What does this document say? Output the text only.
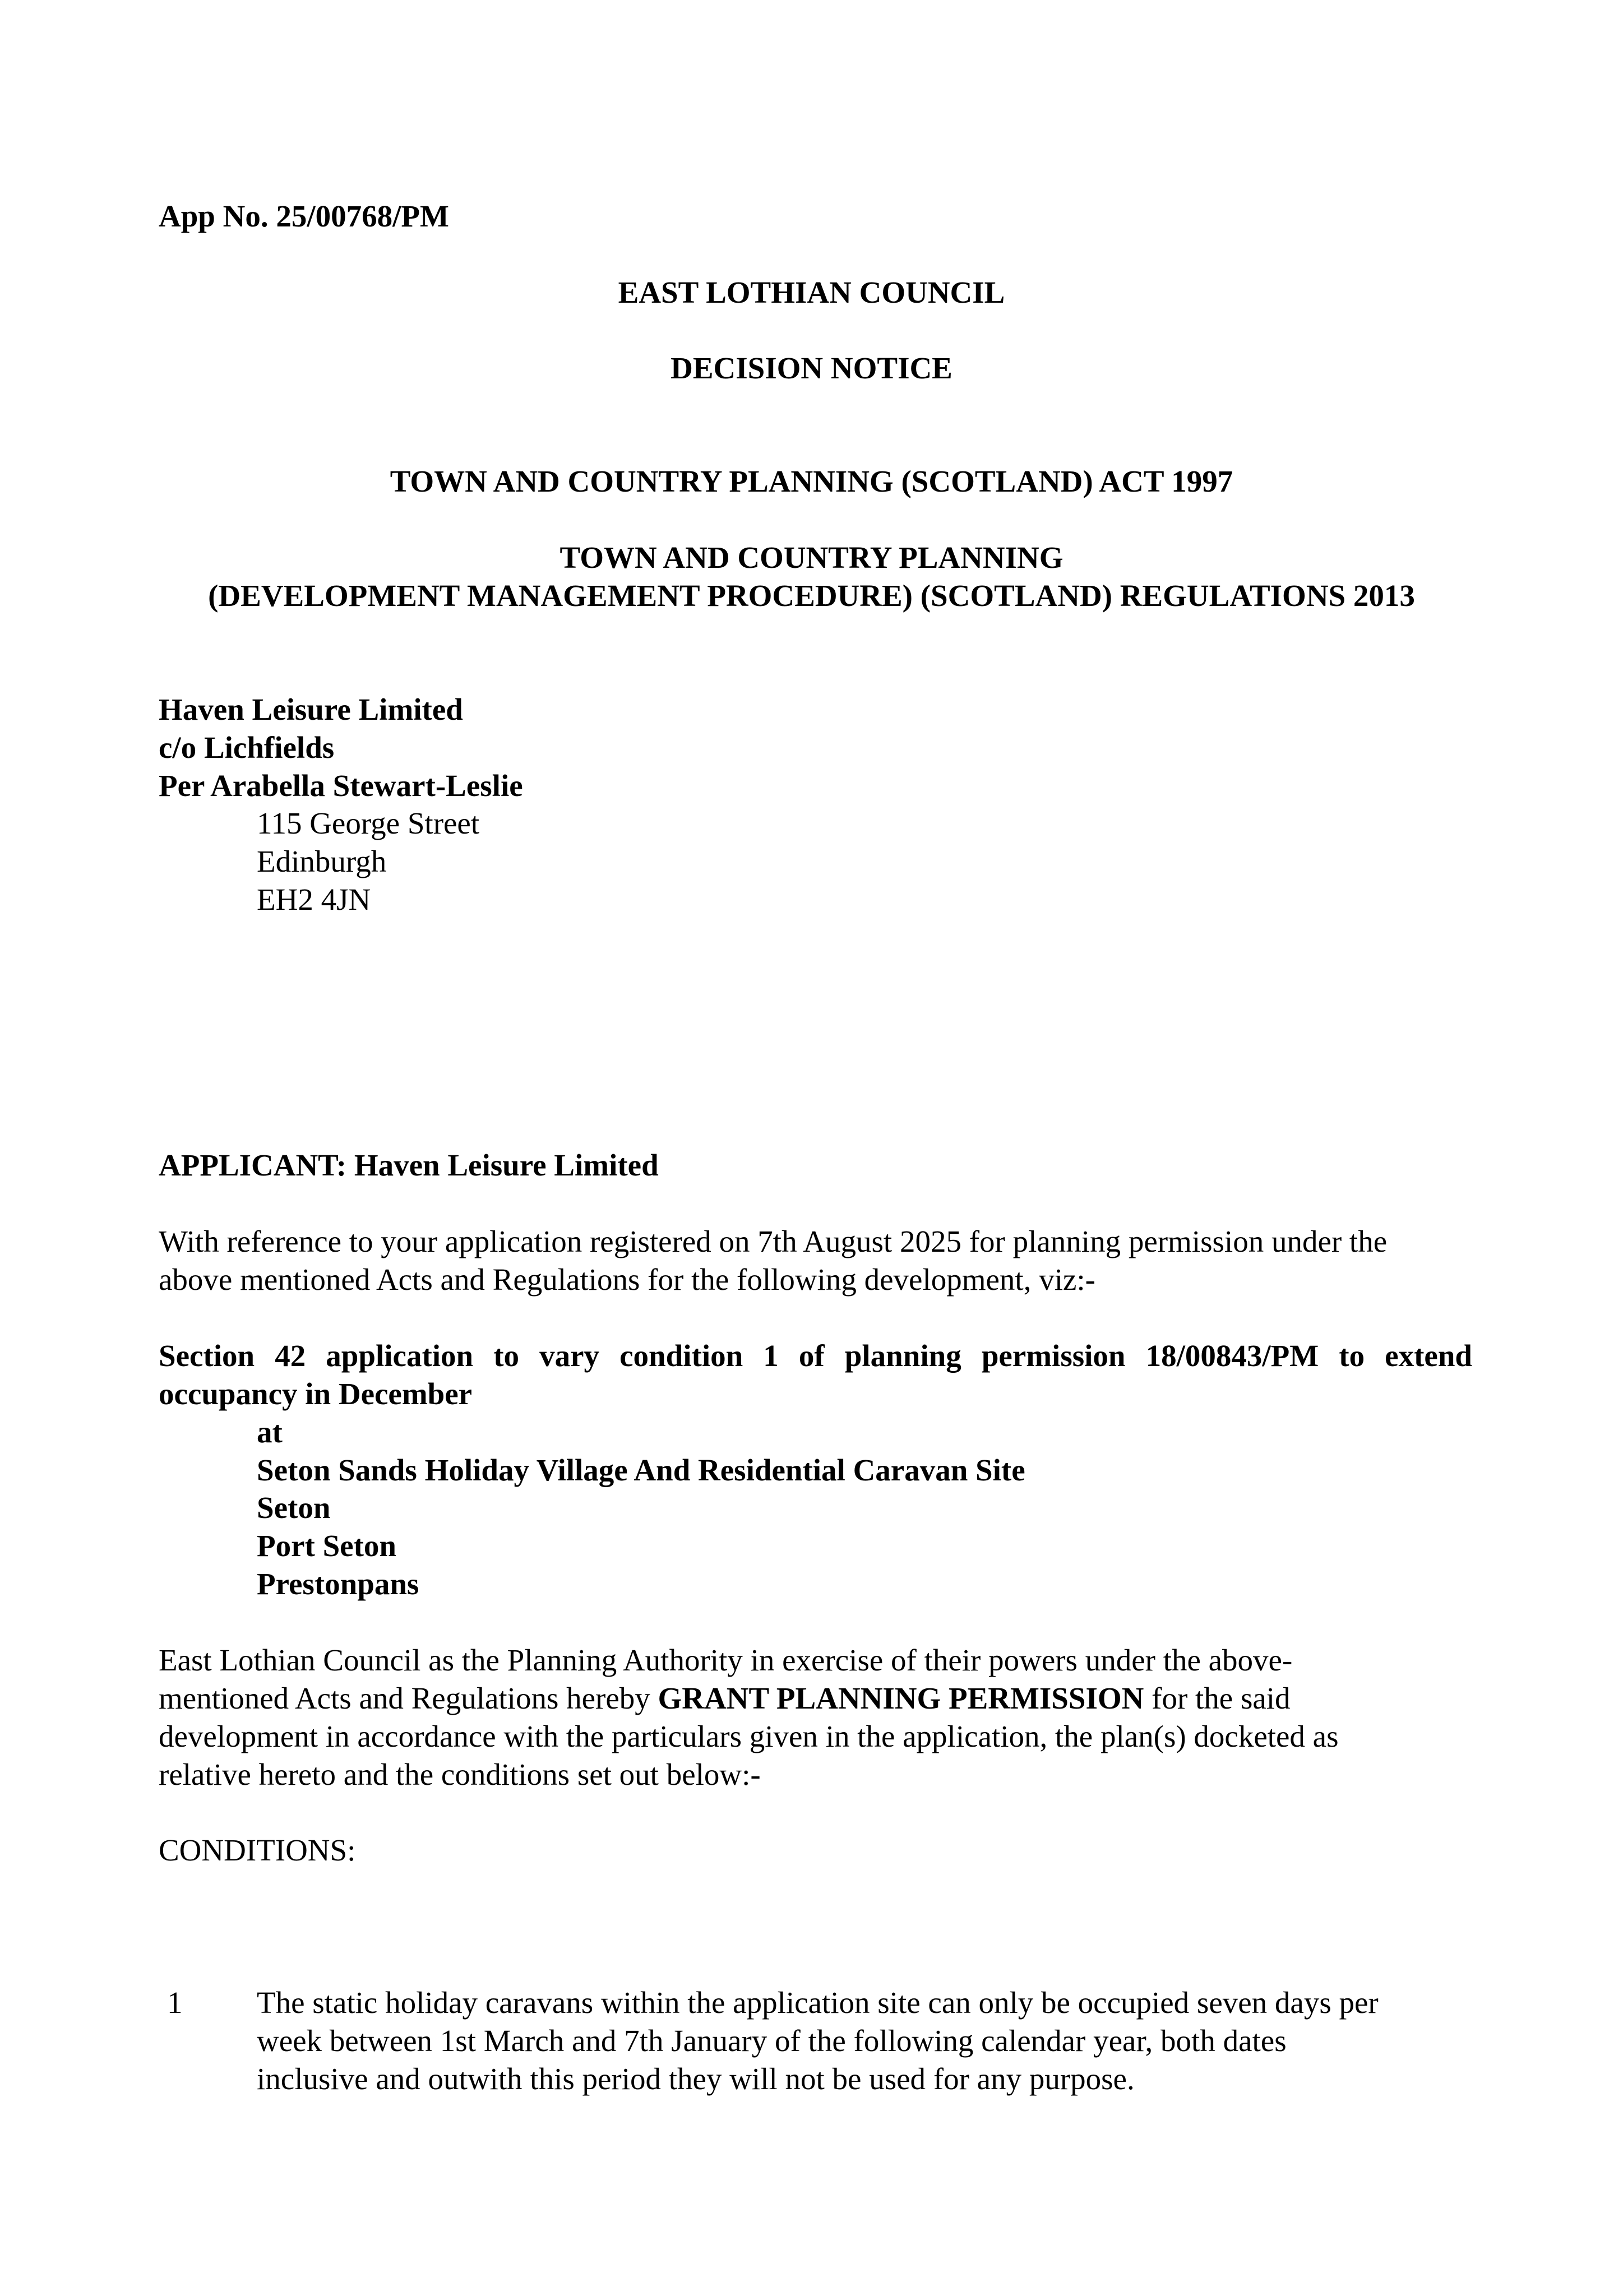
App No. 25/00768/PM

EAST LOTHIAN COUNCIL

DECISION NOTICE

TOWN AND COUNTRY PLANNING (SCOTLAND) ACT 1997

TOWN AND COUNTRY PLANNING

(DEVELOPMENT MANAGEMENT PROCEDURE) (SCOTLAND) REGULATIONS 2013

Haven Leisure Limited

c/o Lichfields

Per Arabella Stewart-Leslie

115 George Street

Edinburgh

EH2 4JN

APPLICANT: Haven Leisure Limited

With reference to your application registered on 7th August 2025 for planning permission under the

above mentioned Acts and Regulations for the following development, viz:-

Section 42 application to vary condition 1 of planning permission 18/00843/PM to extend

occupancy in December

at

Seton Sands Holiday Village And Residential Caravan Site

Seton

Port Seton

Prestonpans

East Lothian Council as the Planning Authority in exercise of their powers under the above-

mentioned Acts and Regulations hereby GRANT PLANNING PERMISSION for the said

development in accordance with the particulars given in the application, the plan(s) docketed as

relative hereto and the conditions set out below:-

CONDITIONS:

1 The static holiday caravans within the application site can only be occupied seven days per

week between 1st March and 7th January of the following calendar year, both dates

inclusive and outwith this period they will not be used for any purpose.
